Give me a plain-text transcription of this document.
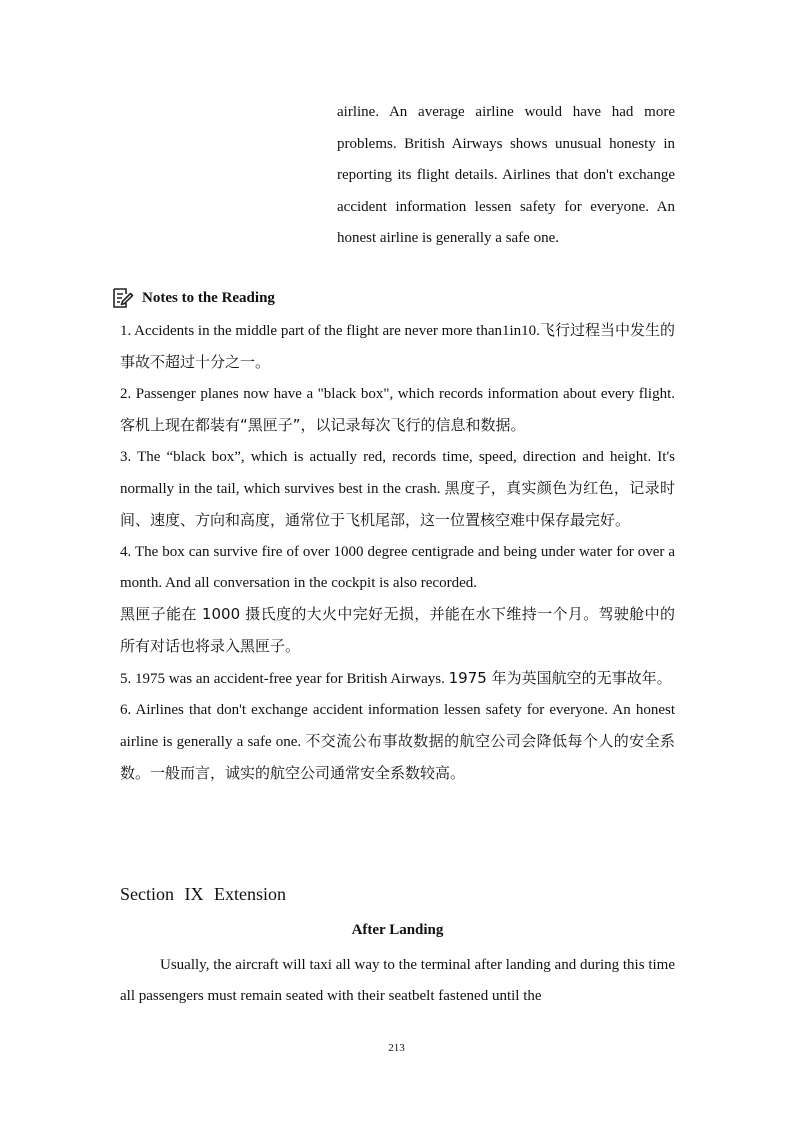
airline. An average airline would have had more problems. British Airways shows unusual honesty in reporting its flight details. Airlines that don't exchange accident information lessen safety for everyone. An honest airline is generally a safe one.
Notes to the Reading

1. Accidents in the middle part of the flight are never more than1in10.飞行过程当中发生的事故不超过十分之一。

2. Passenger planes now have a "black box", which records information about every flight. 客机上现在都装有“黑匣子”，以记录每次飞行的信息和数据。

3. The “black box”, which is actually red, records time, speed, direction and height. It's normally in the tail, which survives best in the crash. 黑度子，真实颜色为红色，记录时间、速度、方向和高度，通常位于飞机尾部，这一位置核空难中保存最完好。

4. The box can survive fire of over 1000 degree centigrade and being under water for over a month. And all conversation in the cockpit is also recorded.

黑匣子能在 1000 摄氏度的大火中完好无损，并能在水下维持一个月。驾驶舱中的所有对话也将录入黑匣子。

5. 1975 was an accident-free year for British Airways. 1975 年为英国航空的无事故年。

6. Airlines that don't exchange accident information lessen safety for everyone. An honest airline is generally a safe one. 不交流公布事故数据的航空公司会降低每个人的安全系数。一般而言，诚实的航空公司通常安全系数较高。

Section IX Extension
After Landing
Usually, the aircraft will taxi all way to the terminal after landing and during this time all passengers must remain seated with their seatbelt fastened until the
213
